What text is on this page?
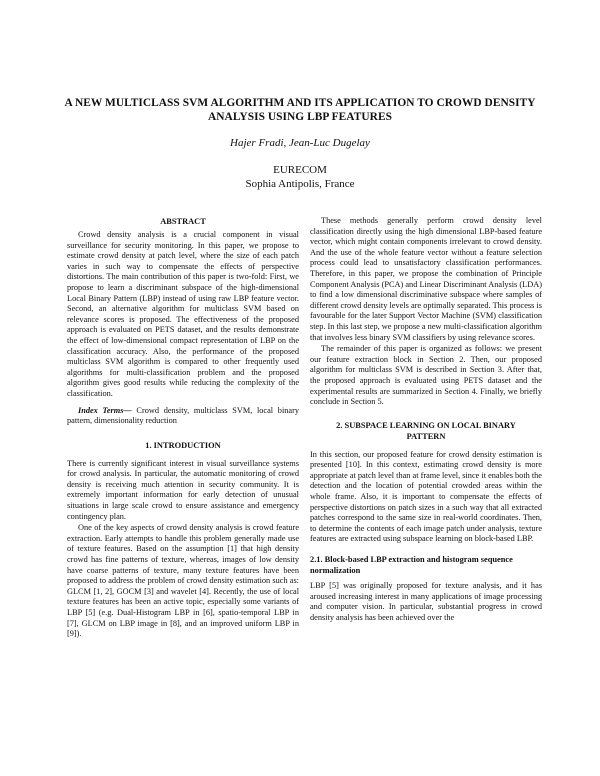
A NEW MULTICLASS SVM ALGORITHM AND ITS APPLICATION TO CROWD DENSITY ANALYSIS USING LBP FEATURES
Hajer Fradi, Jean-Luc Dugelay
EURECOM
Sophia Antipolis, France
ABSTRACT

Crowd density analysis is a crucial component in visual surveillance for security monitoring. In this paper, we propose to estimate crowd density at patch level, where the size of each patch varies in such way to compensate the effects of perspective distortions. The main contribution of this paper is two-fold: First, we propose to learn a discriminant subspace of the high-dimensional Local Binary Pattern (LBP) instead of using raw LBP feature vector. Second, an alternative algorithm for multiclass SVM based on relevance scores is proposed. The effectiveness of the proposed approach is evaluated on PETS dataset, and the results demonstrate the effect of low-dimensional compact representation of LBP on the classification accuracy. Also, the performance of the proposed multiclass SVM algorithm is compared to other frequently used algorithms for multi-classification problem and the proposed algorithm gives good results while reducing the complexity of the classification.

Index Terms— Crowd density, multiclass SVM, local binary pattern, dimensionality reduction

1. INTRODUCTION

There is currently significant interest in visual surveillance systems for crowd analysis. In particular, the automatic monitoring of crowd density is receiving much attention in security community. It is extremely important information for early detection of unusual situations in large scale crowd to ensure assistance and emergency contingency plan.

One of the key aspects of crowd density analysis is crowd feature extraction. Early attempts to handle this problem generally made use of texture features. Based on the assumption [1] that high density crowd has fine patterns of texture, whereas, images of low density have coarse patterns of texture, many texture features have been proposed to address the problem of crowd density estimation such as: GLCM [1, 2], GOCM [3] and wavelet [4]. Recently, the use of local texture features has been an active topic, especially some variants of LBP [5] (e.g. Dual-Histogram LBP in [6], spatio-temporal LBP in [7], GLCM on LBP image in [8], and an improved uniform LBP in [9]).

These methods generally perform crowd density level classification directly using the high dimensional LBP-based feature vector, which might contain components irrelevant to crowd density. And the use of the whole feature vector without a feature selection process could lead to unsatisfactory classification performances. Therefore, in this paper, we propose the combination of Principle Component Analysis (PCA) and Linear Discriminant Analysis (LDA) to find a low dimensional discriminative subspace where samples of different crowd density levels are optimally separated. This process is favourable for the later Support Vector Machine (SVM) classification step. In this last step, we propose a new multi-classification algorithm that involves less binary SVM classifiers by using relevance scores.

The remainder of this paper is organized as follows: we present our feature extraction block in Section 2. Then, our proposed algorithm for multiclass SVM is described in Section 3. After that, the proposed approach is evaluated using PETS dataset and the experimental results are summarized in Section 4. Finally, we briefly conclude in Section 5.

2. SUBSPACE LEARNING ON LOCAL BINARY PATTERN

In this section, our proposed feature for crowd density estimation is presented [10]. In this context, estimating crowd density is more appropriate at patch level than at frame level, since it enables both the detection and the location of potential crowded areas within the whole frame. Also, it is important to compensate the effects of perspective distortions on patch sizes in a such way that all extracted patches correspond to the same size in real-world coordinates. Then, to determine the contents of each image patch under analysis, texture features are extracted using subspace learning on block-based LBP.

2.1. Block-based LBP extraction and histogram sequence normalization

LBP [5] was originally proposed for texture analysis, and it has aroused increasing interest in many applications of image processing and computer vision. In particular, substantial progress in crowd density analysis has been achieved over the
